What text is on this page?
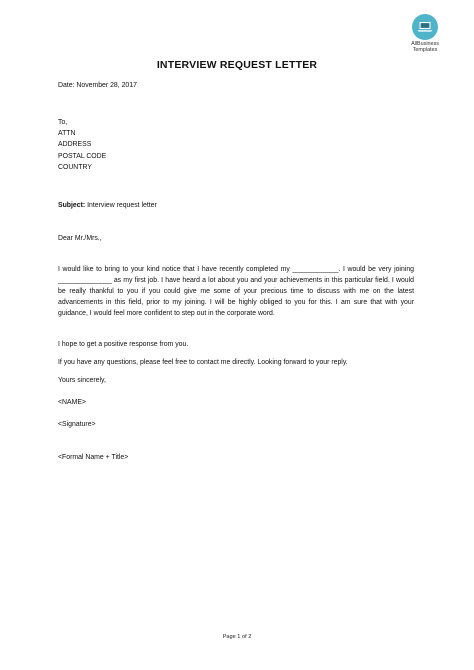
AllBusiness
Templates
INTERVIEW REQUEST LETTER
Date: November 28, 2017
To,
ATTN
ADDRESS
POSTAL CODE
COUNTRY
Subject: Interview request letter
Dear Mr./Mrs.,
I would like to bring to your kind notice that I have recently completed my ____________. I would be very joining ______________ as my first job. I have heard a lot about you and your achievements in this particular field. I would be really thankful to you if you could give me some of your precious time to discuss with me on the latest advancements in this field, prior to my joining. I will be highly obliged to you for this. I am sure that with your guidance, I would feel more confident to step out in the corporate word.
I hope to get a positive response from you.
If you have any questions, please feel free to contact me directly. Looking forward to your reply.
Yours sincerely,
<NAME>
<Signature>
<Formal Name + Title>
Page 1 of 2
